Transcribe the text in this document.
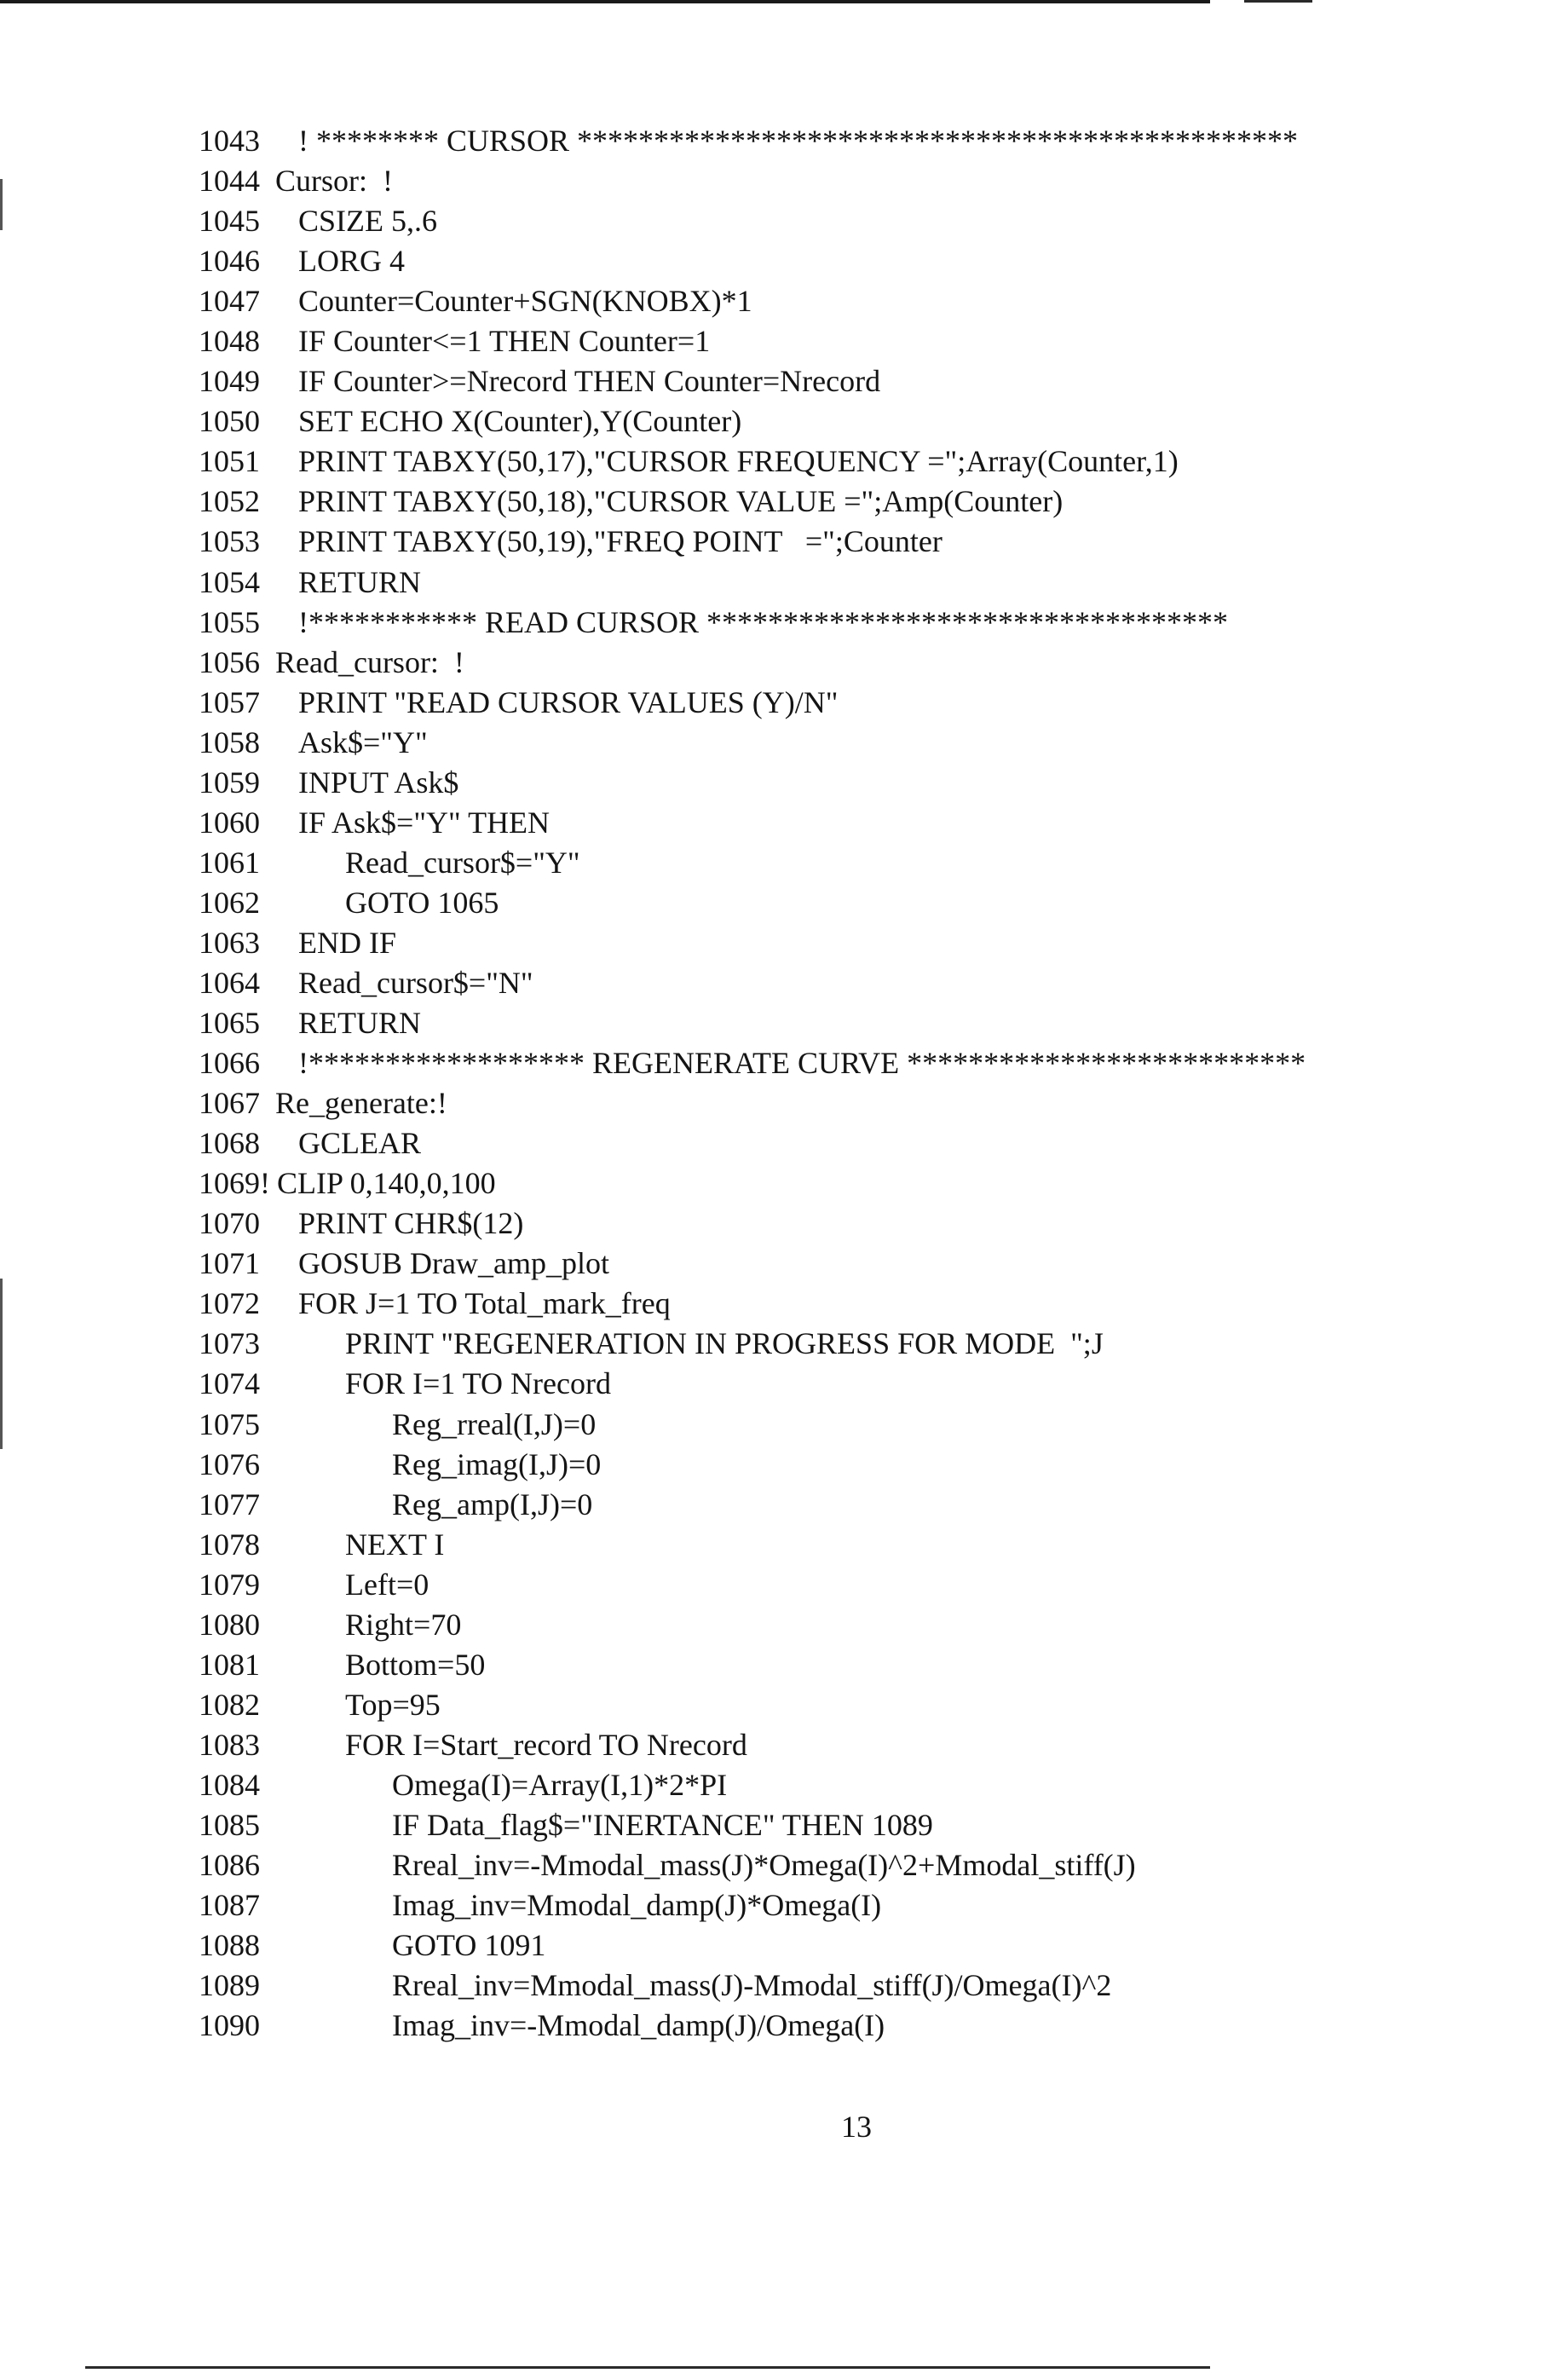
1043 ! ******** CURSOR ***********************************************
1044 Cursor:  !
1045 CSIZE 5,.6
1046 LORG 4
1047 Counter=Counter+SGN(KNOBX)*1
1048 IF Counter<=1 THEN Counter=1
1049 IF Counter>=Nrecord THEN Counter=Nrecord
1050 SET ECHO X(Counter),Y(Counter)
1051 PRINT TABXY(50,17),"CURSOR FREQUENCY =";Array(Counter,1)
1052 PRINT TABXY(50,18),"CURSOR VALUE =";Amp(Counter)
1053 PRINT TABXY(50,19),"FREQ POINT   =";Counter
1054 RETURN
1055 !*********** READ CURSOR **********************************
1056 Read_cursor:  !
1057 PRINT "READ CURSOR VALUES (Y)/N"
1058 Ask$="Y"
1059 INPUT Ask$
1060 IF Ask$="Y" THEN
1061	Read_cursor$="Y"
1062	GOTO 1065
1063 END IF
1064 Read_cursor$="N"
1065 RETURN
1066 !****************** REGENERATE CURVE **************************
1067 Re_generate:!
1068 GCLEAR
1069! CLIP 0,140,0,100
1070 PRINT CHR$(12)
1071 GOSUB Draw_amp_plot
1072 FOR J=1 TO Total_mark_freq
1073	PRINT "REGENERATION IN PROGRESS FOR MODE  ";J
1074	FOR I=1 TO Nrecord
1075	Reg_rreal(I,J)=0
1076	Reg_imag(I,J)=0
1077	Reg_amp(I,J)=0
1078	NEXT I
1079	Left=0
1080	Right=70
1081	Bottom=50
1082	Top=95
1083	FOR I=Start_record TO Nrecord
1084	Omega(I)=Array(I,1)*2*PI
1085	IF Data_flag$="INERTANCE" THEN 1089
1086	Rreal_inv=-Mmodal_mass(J)*Omega(I)^2+Mmodal_stiff(J)
1087	Imag_inv=Mmodal_damp(J)*Omega(I)
1088	GOTO 1091
1089	Rreal_inv=Mmodal_mass(J)-Mmodal_stiff(J)/Omega(I)^2
1090	Imag_inv=-Mmodal_damp(J)/Omega(I)
13
